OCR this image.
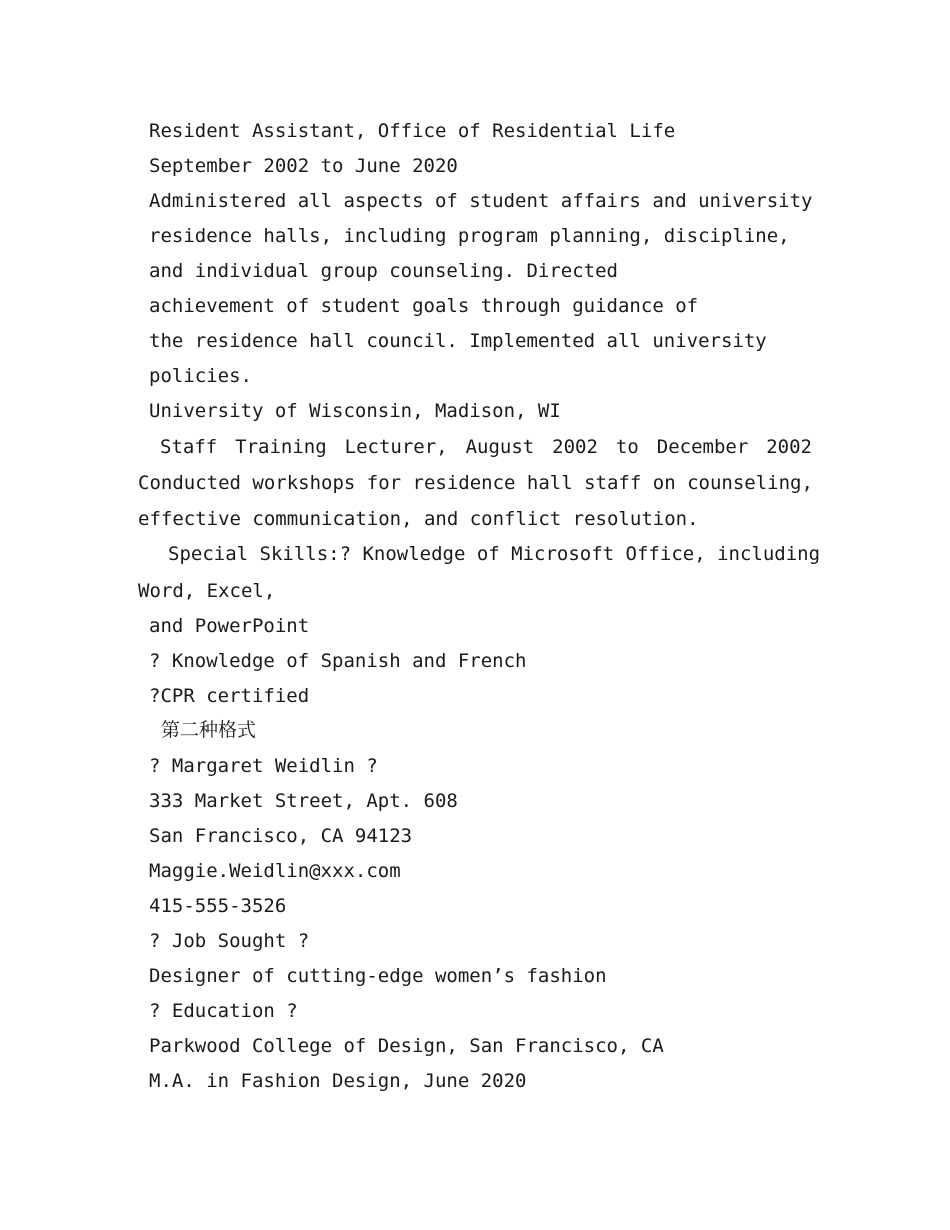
Resident Assistant, Office of Residential Life
September 2002 to June 2020
Administered all aspects of student affairs and university
residence halls, including program planning, discipline,
and individual group counseling. Directed
achievement of student goals through guidance of
the residence hall council. Implemented all university
policies.
University of Wisconsin, Madison, WI
Staff Training Lecturer, August 2002 to December 2002
Conducted workshops for residence hall staff on counseling,
effective communication, and conflict resolution.
Special Skills:? Knowledge of Microsoft Office, including
Word, Excel,
and PowerPoint
? Knowledge of Spanish and French
?CPR certified
第二种格式
? Margaret Weidlin ?
333 Market Street, Apt. 608
San Francisco, CA 94123
Maggie.Weidlin@xxx.com
415-555-3526
? Job Sought ?
Designer of cutting-edge women’s fashion
? Education ?
Parkwood College of Design, San Francisco, CA
M.A. in Fashion Design, June 2020
